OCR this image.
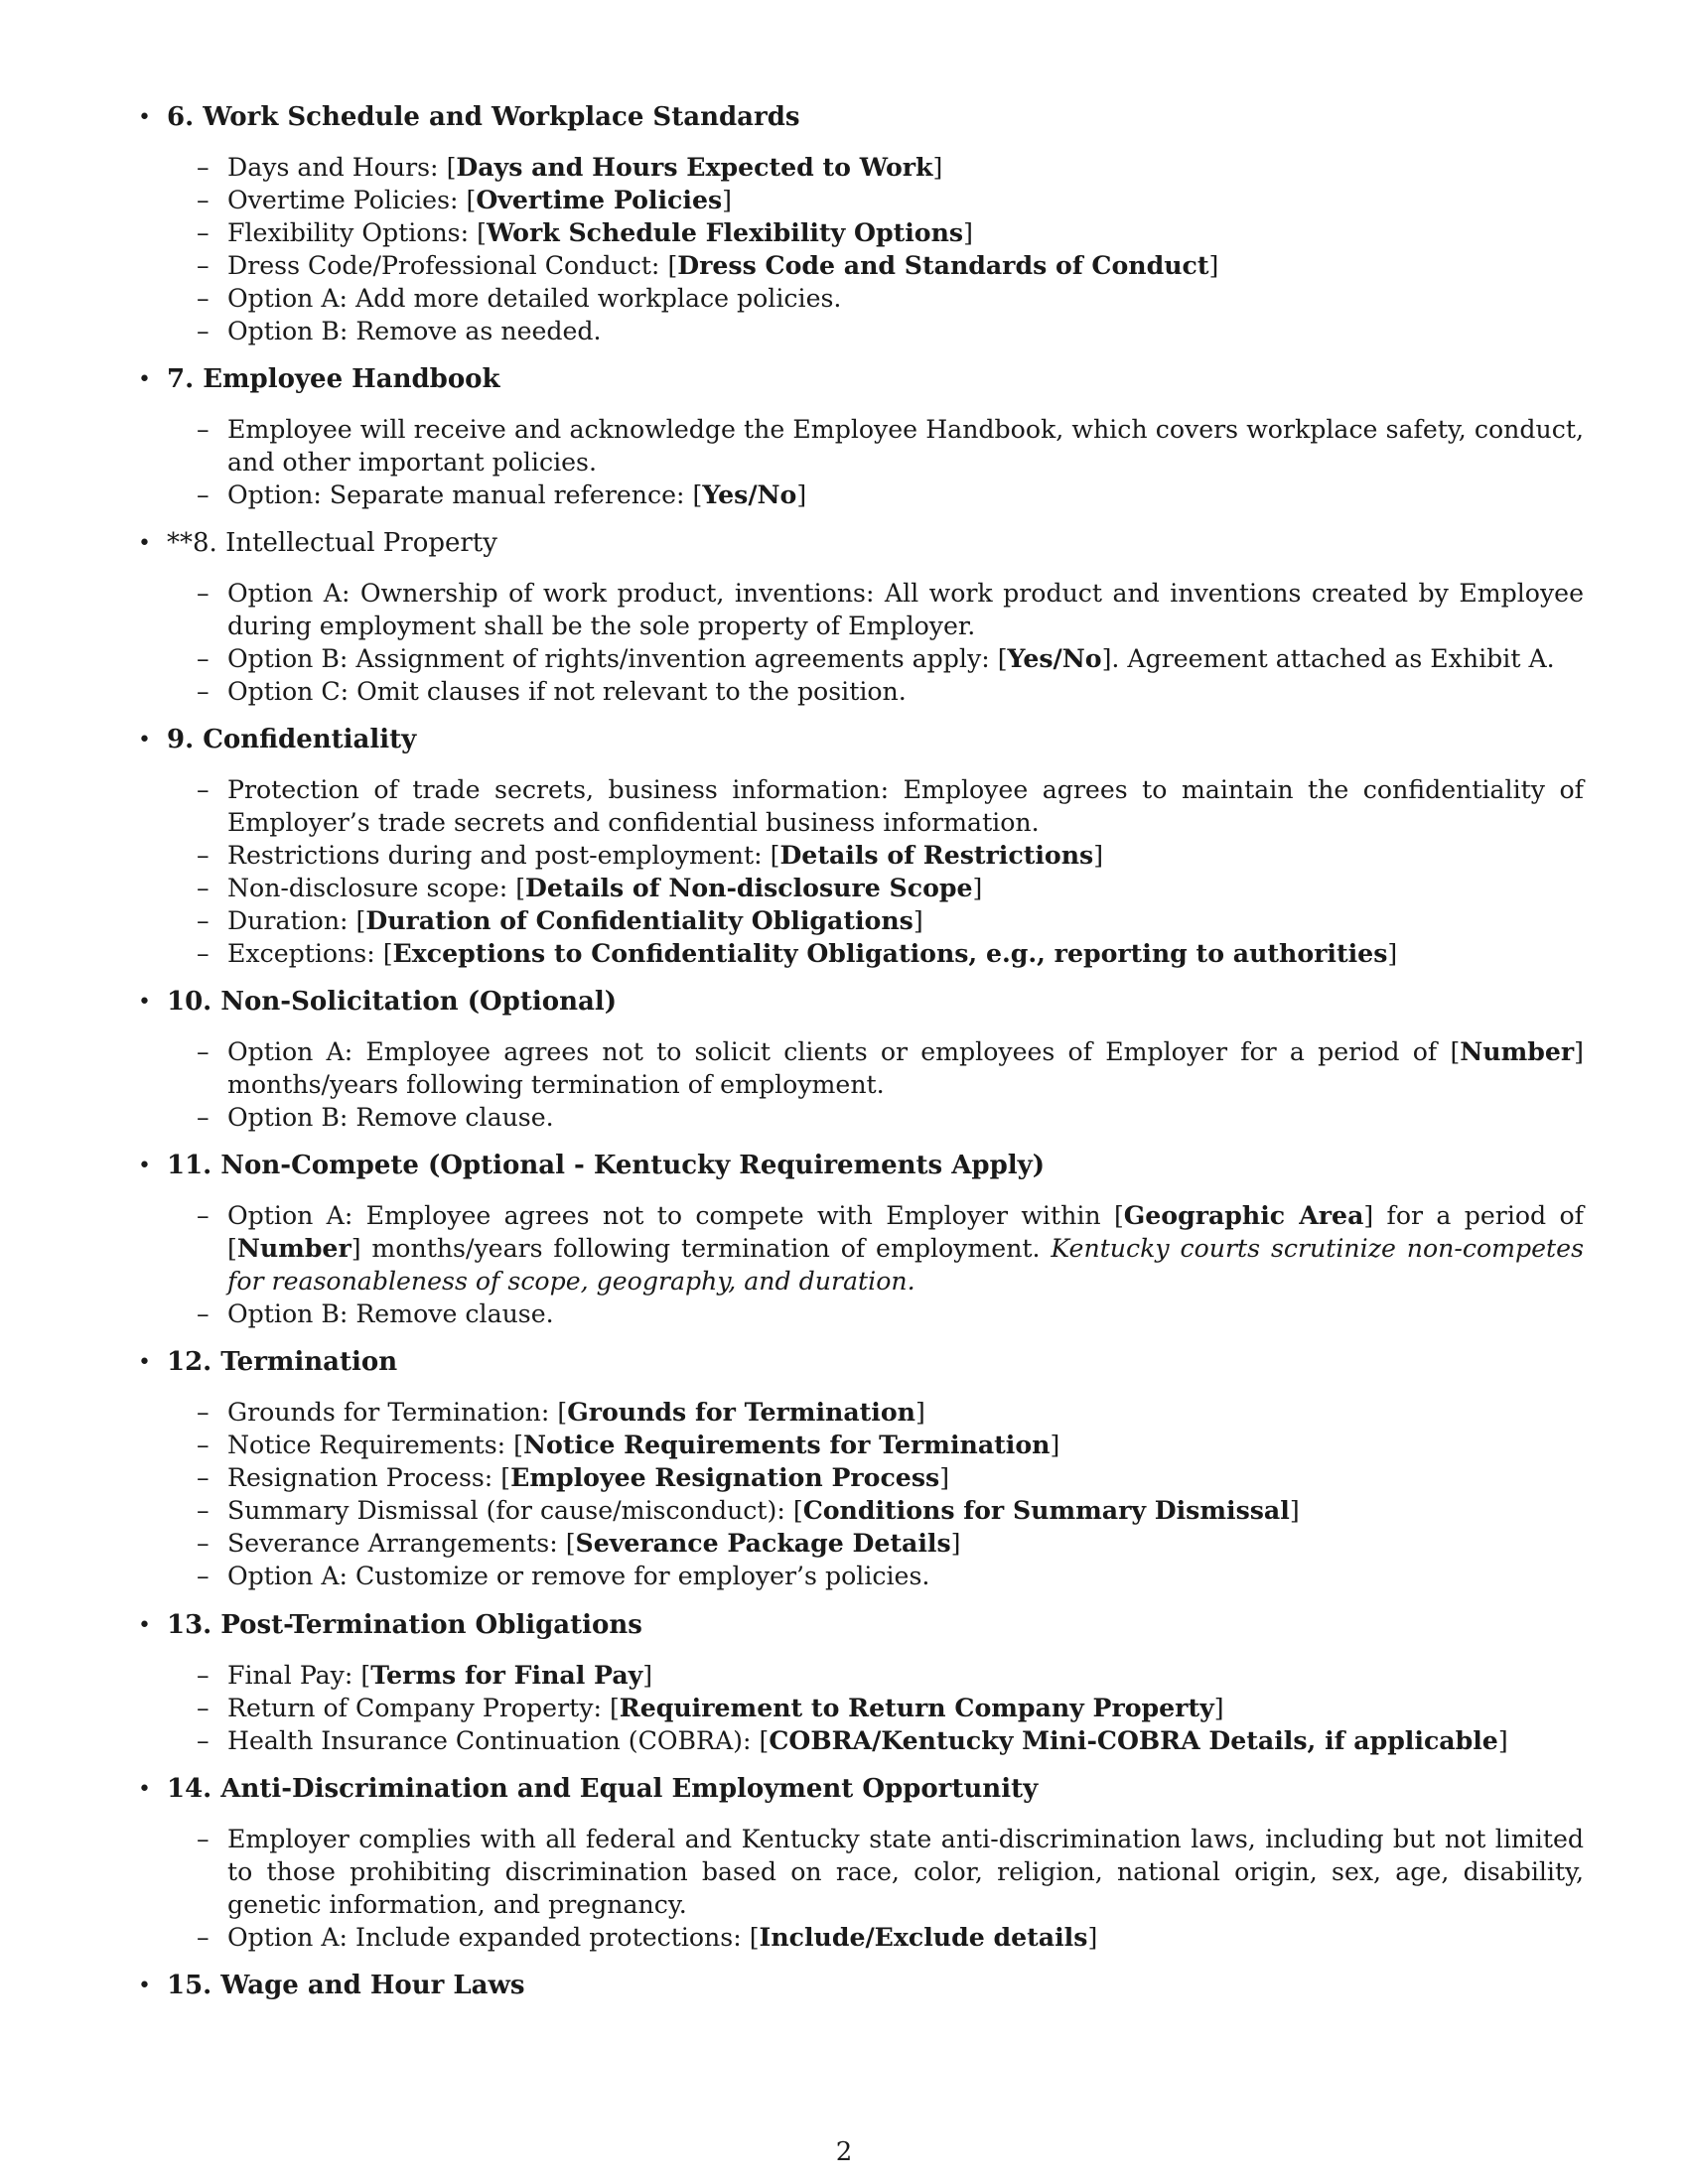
• 6. Work Schedule and Workplace Standards
– Days and Hours: [Days and Hours Expected to Work]
– Overtime Policies: [Overtime Policies]
– Flexibility Options: [Work Schedule Flexibility Options]
– Dress Code/Professional Conduct: [Dress Code and Standards of Conduct]
– Option A: Add more detailed workplace policies.
– Option B: Remove as needed.
• 7. Employee Handbook
– Employee will receive and acknowledge the Employee Handbook, which covers workplace safety, conduct, and other important policies.
– Option: Separate manual reference: [Yes/No]
• **8. Intellectual Property
– Option A: Ownership of work product, inventions: All work product and inventions created by Employee during employment shall be the sole property of Employer.
– Option B: Assignment of rights/invention agreements apply: [Yes/No]. Agreement attached as Exhibit A.
– Option C: Omit clauses if not relevant to the position.
• 9. Confidentiality
– Protection of trade secrets, business information: Employee agrees to maintain the confidentiality of Employer’s trade secrets and confidential business information.
– Restrictions during and post-employment: [Details of Restrictions]
– Non-disclosure scope: [Details of Non-disclosure Scope]
– Duration: [Duration of Confidentiality Obligations]
– Exceptions: [Exceptions to Confidentiality Obligations, e.g., reporting to authorities]
• 10. Non-Solicitation (Optional)
– Option A: Employee agrees not to solicit clients or employees of Employer for a period of [Number] months/years following termination of employment.
– Option B: Remove clause.
• 11. Non-Compete (Optional - Kentucky Requirements Apply)
– Option A: Employee agrees not to compete with Employer within [Geographic Area] for a period of [Number] months/years following termination of employment. Kentucky courts scrutinize non-competes for reasonableness of scope, geography, and duration.
– Option B: Remove clause.
• 12. Termination
– Grounds for Termination: [Grounds for Termination]
– Notice Requirements: [Notice Requirements for Termination]
– Resignation Process: [Employee Resignation Process]
– Summary Dismissal (for cause/misconduct): [Conditions for Summary Dismissal]
– Severance Arrangements: [Severance Package Details]
– Option A: Customize or remove for employer’s policies.
• 13. Post-Termination Obligations
– Final Pay: [Terms for Final Pay]
– Return of Company Property: [Requirement to Return Company Property]
– Health Insurance Continuation (COBRA): [COBRA/Kentucky Mini-COBRA Details, if applicable]
• 14. Anti-Discrimination and Equal Employment Opportunity
– Employer complies with all federal and Kentucky state anti-discrimination laws, including but not limited to those prohibiting discrimination based on race, color, religion, national origin, sex, age, disability, genetic information, and pregnancy.
– Option A: Include expanded protections: [Include/Exclude details]
• 15. Wage and Hour Laws
2
